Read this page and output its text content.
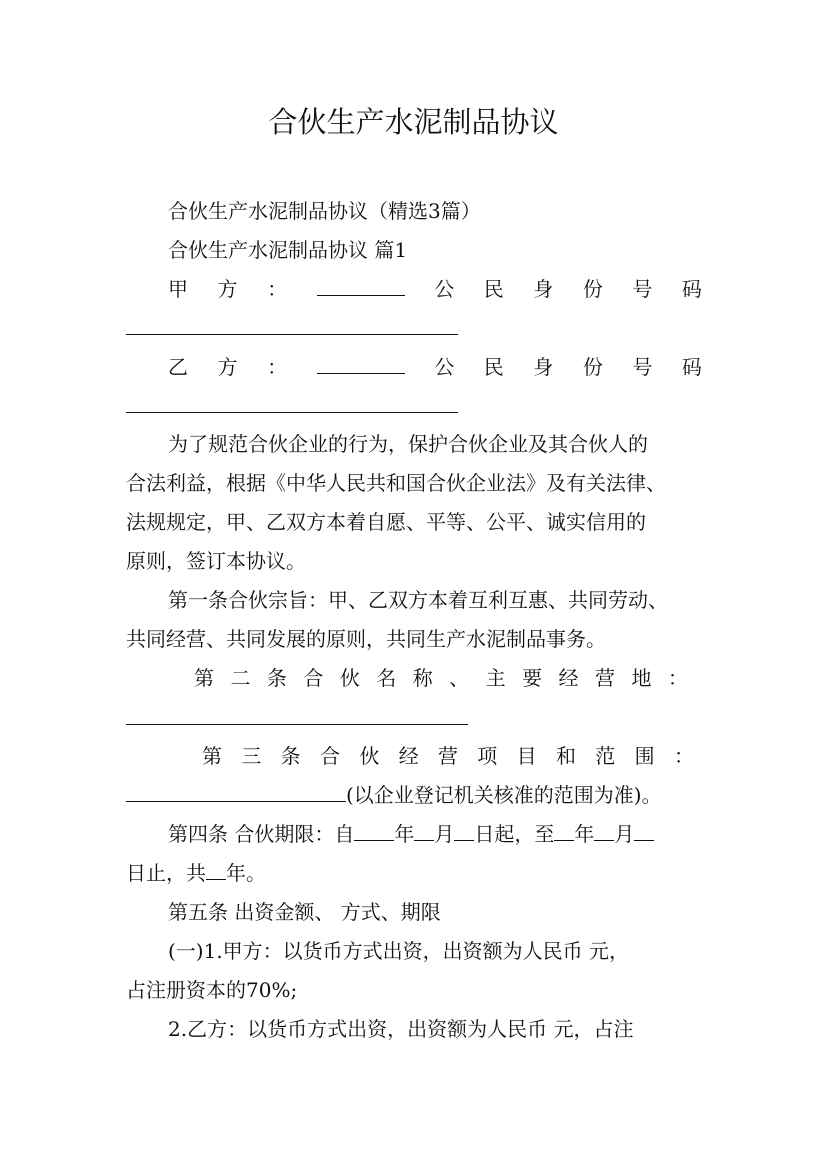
合伙生产水泥制品协议
合伙生产水泥制品协议（精选3篇）
合伙生产水泥制品协议 篇1
甲 方 ：	公 民 身 份 号 码
乙 方 ：	公 民 身 份 号 码
为了规范合伙企业的行为，保护合伙企业及其合伙人的
合法利益，根据《中华人民共和国合伙企业法》及有关法律、
法规规定，甲、乙双方本着自愿、平等、公平、诚实信用的
原则，签订本协议。
第一条合伙宗旨：甲、乙双方本着互利互惠、共同劳动、
共同经营、共同发展的原则，共同生产水泥制品事务。
第 二 条 合 伙 名 称 、 主 要 经 营 地 ：
第 三 条 合 伙 经 营 项 目 和 范 围 ：
(以企业登记机关核准的范围为准)。
第四条 合伙期限：自 年 月 日起，至 年 月
日止，共 年。
第五条 出资金额、 方式、期限
(一)1.甲方：以货币方式出资，出资额为人民币 元，
占注册资本的70%;
2.乙方：以货币方式出资，出资额为人民币 元，占注
